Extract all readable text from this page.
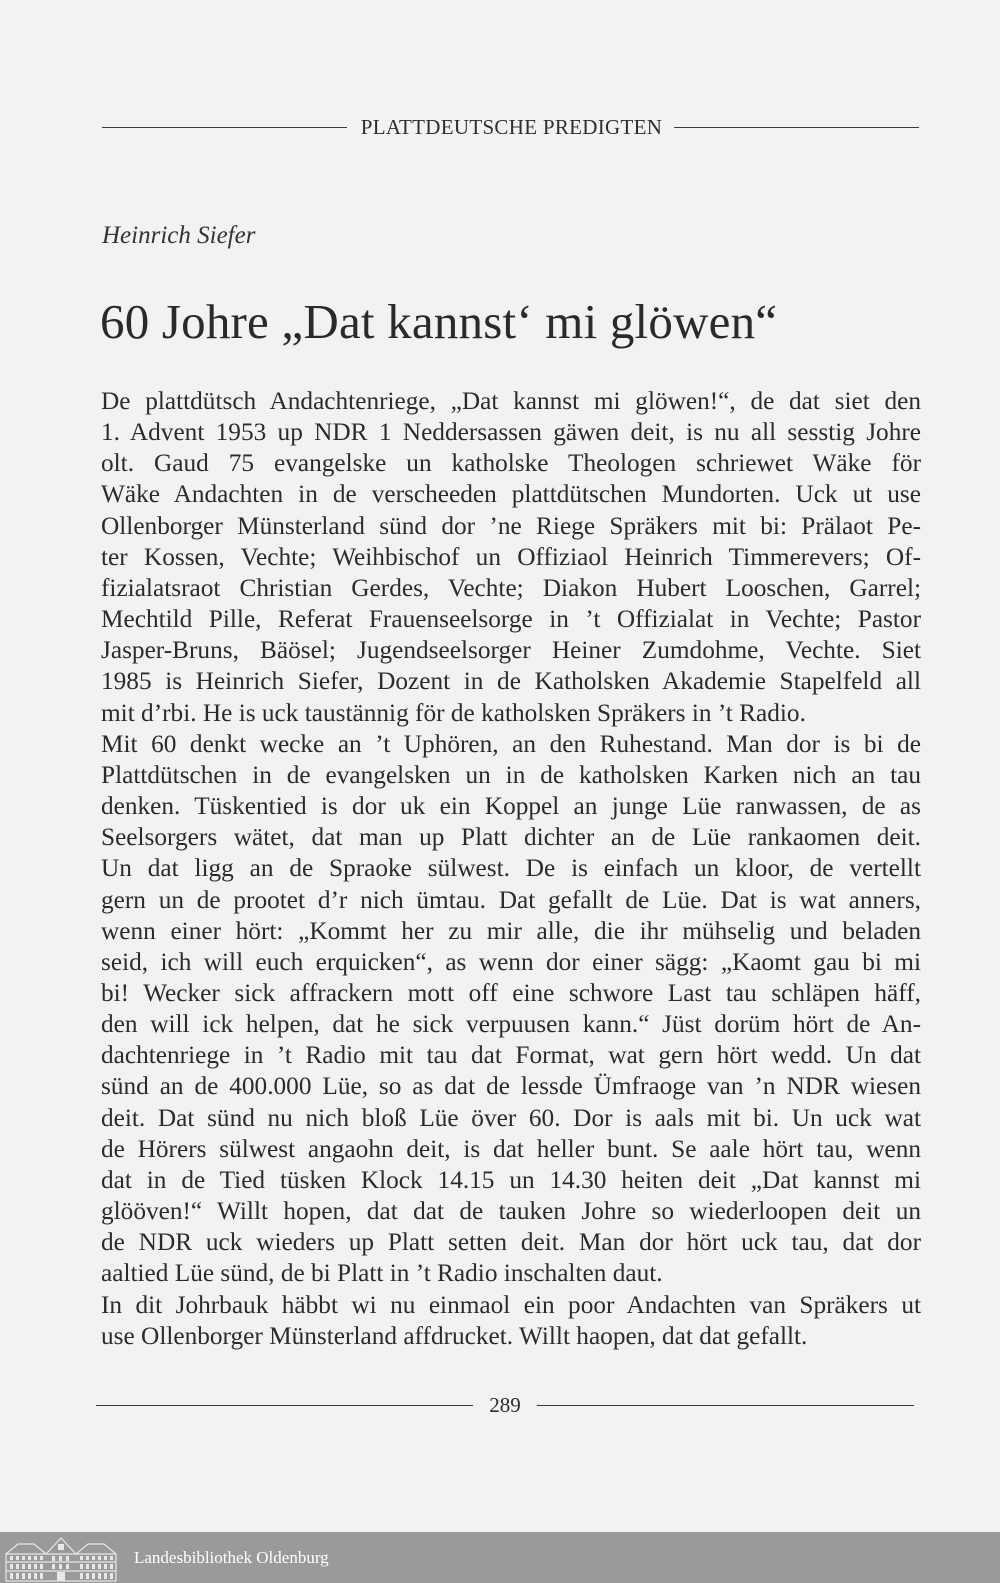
PLATTDEUTSCHE PREDIGTEN
Heinrich Siefer
60 Johre „Dat kannst‘ mi glöwen“
De plattdütsch Andachtenriege, „Dat kannst mi glöwen!“, de dat siet den
1. Advent 1953 up NDR 1 Neddersassen gäwen deit, is nu all sesstig Johre
olt. Gaud 75 evangelske un katholske Theologen schriewet Wäke för
Wäke Andachten in de verscheeden plattdütschen Mundorten. Uck ut use
Ollenborger Münsterland sünd dor ’ne Riege Spräkers mit bi: Prälaot Pe-
ter Kossen, Vechte; Weihbischof un Offiziaol Heinrich Timmerevers; Of-
fizialatsraot Christian Gerdes, Vechte; Diakon Hubert Looschen, Garrel;
Mechtild Pille, Referat Frauenseelsorge in ’t Offizialat in Vechte; Pastor
Jasper-Bruns, Bäösel; Jugendseelsorger Heiner Zumdohme, Vechte. Siet
1985 is Heinrich Siefer, Dozent in de Katholsken Akademie Stapelfeld all
mit d’rbi. He is uck taustännig för de katholsken Spräkers in ’t Radio.
Mit 60 denkt wecke an ’t Uphören, an den Ruhestand. Man dor is bi de
Plattdütschen in de evangelsken un in de katholsken Karken nich an tau
denken. Tüskentied is dor uk ein Koppel an junge Lüe ranwassen, de as
Seelsorgers wätet, dat man up Platt dichter an de Lüe rankaomen deit.
Un dat ligg an de Spraoke sülwest. De is einfach un kloor, de vertellt
gern un de prootet d’r nich ümtau. Dat gefallt de Lüe. Dat is wat anners,
wenn einer hört: „Kommt her zu mir alle, die ihr mühselig und beladen
seid, ich will euch erquicken“, as wenn dor einer sägg: „Kaomt gau bi mi
bi! Wecker sick affrackern mott off eine schwore Last tau schläpen häff,
den will ick helpen, dat he sick verpuusen kann.“ Jüst dorüm hört de An-
dachtenriege in ’t Radio mit tau dat Format, wat gern hört wedd. Un dat
sünd an de 400.000 Lüe, so as dat de lessde Ümfraoge van ’n NDR wiesen
deit. Dat sünd nu nich bloß Lüe över 60. Dor is aals mit bi. Un uck wat
de Hörers sülwest angaohn deit, is dat heller bunt. Se aale hört tau, wenn
dat in de Tied tüsken Klock 14.15 un 14.30 heiten deit „Dat kannst mi
glööven!“ Willt hopen, dat dat de tauken Johre so wiederloopen deit un
de NDR uck wieders up Platt setten deit. Man dor hört uck tau, dat dor
aaltied Lüe sünd, de bi Platt in ’t Radio inschalten daut.
In dit Johrbauk häbbt wi nu einmaol ein poor Andachten van Spräkers ut
use Ollenborger Münsterland affdrucket. Willt haopen, dat dat gefallt.
289
Landesbibliothek Oldenburg
